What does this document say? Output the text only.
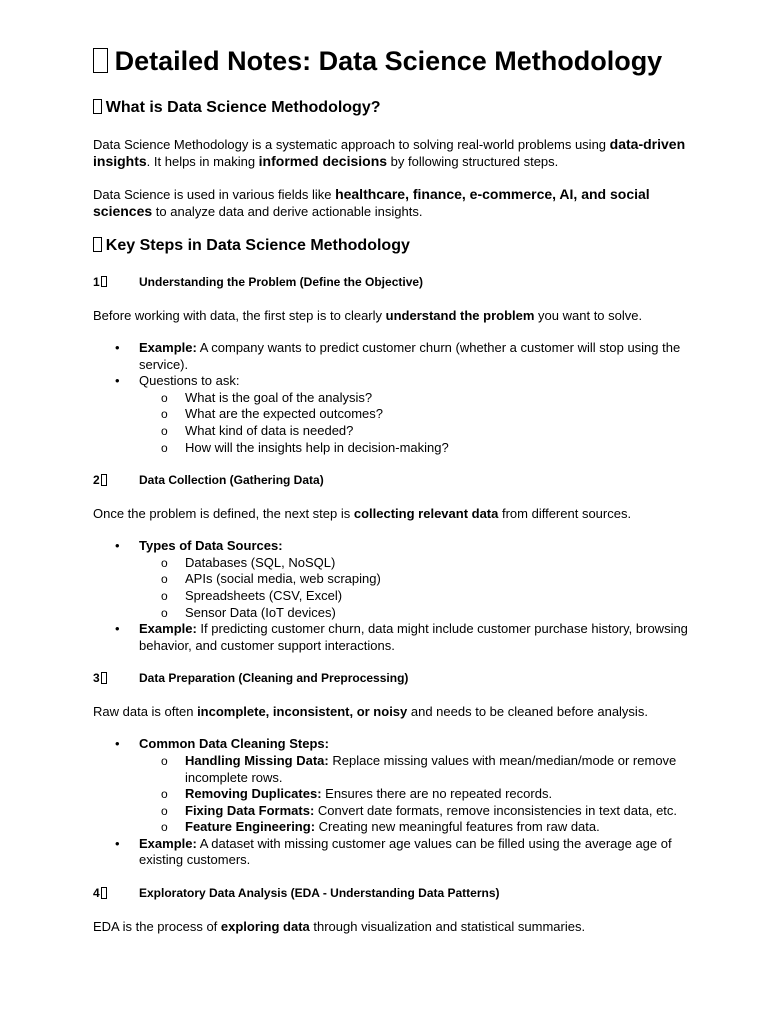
Detailed Notes: Data Science Methodology
What is Data Science Methodology?

Data Science Methodology is a systematic approach to solving real-world problems using data-driven insights. It helps in making informed decisions by following structured steps.

Data Science is used in various fields like healthcare, finance, e-commerce, AI, and social sciences to analyze data and derive actionable insights.

Key Steps in Data Science Methodology
1	Understanding the Problem (Define the Objective)

Before working with data, the first step is to clearly understand the problem you want to solve.

• Example: A company wants to predict customer churn (whether a customer will stop using the service).
• Questions to ask:
o What is the goal of the analysis?
o What are the expected outcomes?
o What kind of data is needed?
o How will the insights help in decision-making?
2	Data Collection (Gathering Data)

Once the problem is defined, the next step is collecting relevant data from different sources.

• Types of Data Sources:
o Databases (SQL, NoSQL)
o APIs (social media, web scraping)
o Spreadsheets (CSV, Excel)
o Sensor Data (IoT devices)
• Example: If predicting customer churn, data might include customer purchase history, browsing behavior, and customer support interactions.
3	Data Preparation (Cleaning and Preprocessing)

Raw data is often incomplete, inconsistent, or noisy and needs to be cleaned before analysis.

• Common Data Cleaning Steps:
o Handling Missing Data: Replace missing values with mean/median/mode or remove incomplete rows.
o Removing Duplicates: Ensures there are no repeated records.
o Fixing Data Formats: Convert date formats, remove inconsistencies in text data, etc.
o Feature Engineering: Creating new meaningful features from raw data.
• Example: A dataset with missing customer age values can be filled using the average age of existing customers.
4	Exploratory Data Analysis (EDA - Understanding Data Patterns)

EDA is the process of exploring data through visualization and statistical summaries.
